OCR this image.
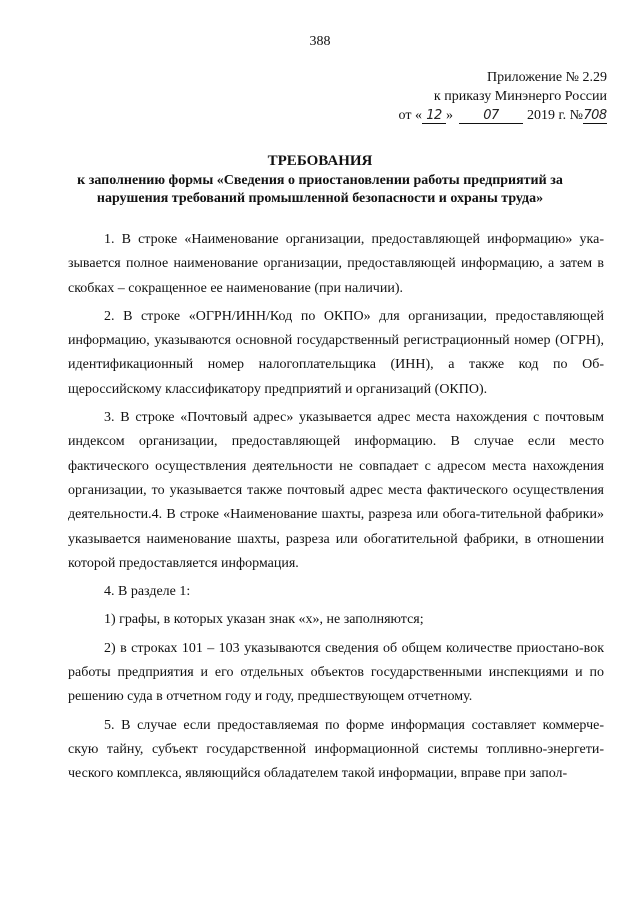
388
Приложение № 2.29
к приказу Минэнерго России
от « 12 » 07 2019 г. №708
ТРЕБОВАНИЯ
к заполнению формы «Сведения о приостановлении работы предприятий за нарушения требований промышленной безопасности и охраны труда»

1. В строке «Наименование организации, предоставляющей информацию» ука-зывается полное наименование организации, предоставляющей информацию, а затем в скобках – сокращенное ее наименование (при наличии).

2. В строке «ОГРН/ИНН/Код по ОКПО» для организации, предоставляющей информацию, указываются основной государственный регистрационный номер (ОГРН), идентификационный номер налогоплательщика (ИНН), а также код по Об-щероссийскому классификатору предприятий и организаций (ОКПО).

3. В строке «Почтовый адрес» указывается адрес места нахождения с почтовым индексом организации, предоставляющей информацию. В случае если место фактического осуществления деятельности не совпадает с адресом места нахождения организации, то указывается также почтовый адрес места фактического осуществления деятельности.4. В строке «Наименование шахты, разреза или обога-тительной фабрики» указывается наименование шахты, разреза или обогатительной фабрики, в отношении которой предоставляется информация.

4. В разделе 1:

1) графы, в которых указан знак «х», не заполняются;

2) в строках 101 – 103 указываются сведения об общем количестве приостано-вок работы предприятия и его отдельных объектов государственными инспекциями и по решению суда в отчетном году и году, предшествующем отчетному.

5. В случае если предоставляемая по форме информация составляет коммерче-скую тайну, субъект государственной информационной системы топливно-энергети-ческого комплекса, являющийся обладателем такой информации, вправе при запол-
